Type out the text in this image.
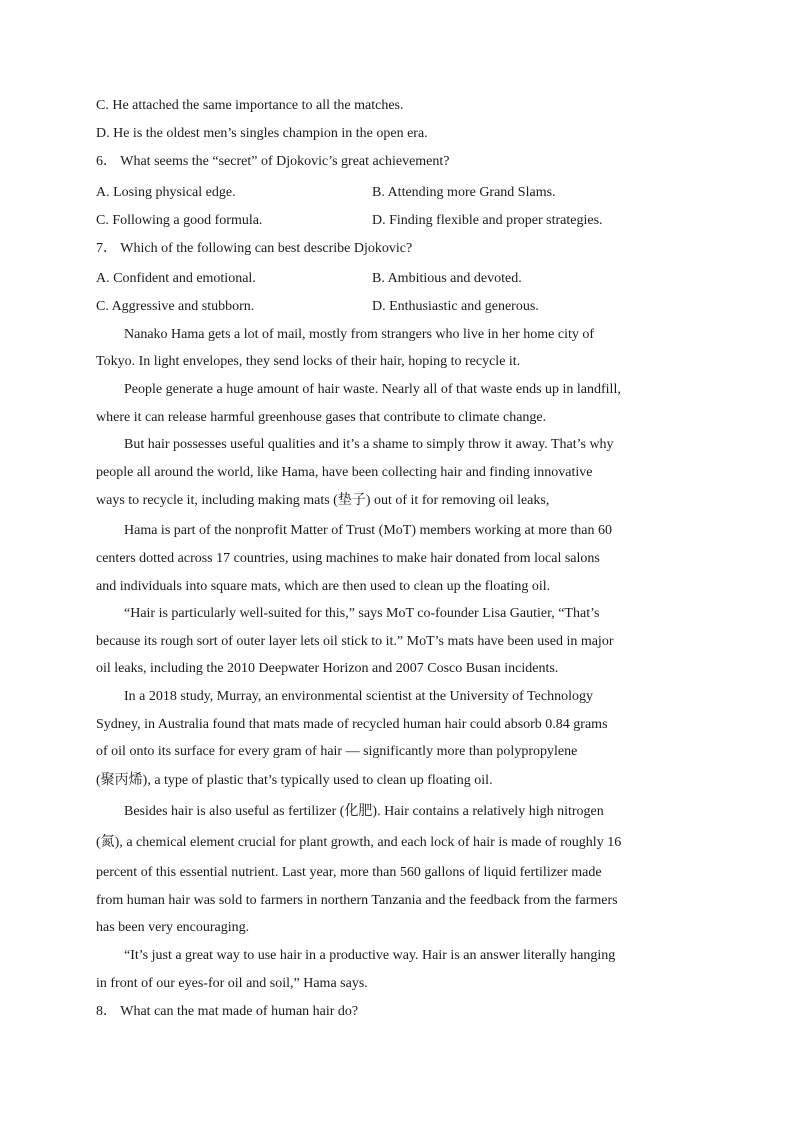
C. He attached the same importance to all the matches.
D. He is the oldest men’s singles champion in the open era.
6． What seems the “secret” of Djokovic’s great achievement?
A. Losing physical edge.	B. Attending more Grand Slams.
C. Following a good formula.	D. Finding flexible and proper strategies.
7． Which of the following can best describe Djokovic?
A. Confident and emotional.	B. Ambitious and devoted.
C. Aggressive and stubborn.	D. Enthusiastic and generous.
Nanako Hama gets a lot of mail, mostly from strangers who live in her home city of
Tokyo. In light envelopes, they send locks of their hair, hoping to recycle it.
People generate a huge amount of hair waste. Nearly all of that waste ends up in landfill,
where it can release harmful greenhouse gases that contribute to climate change.
But hair possesses useful qualities and it’s a shame to simply throw it away. That’s why
people all around the world, like Hama, have been collecting hair and finding innovative
ways to recycle it, including making mats (垫子) out of it for removing oil leaks,
Hama is part of the nonprofit Matter of Trust (MoT) members working at more than 60
centers dotted across 17 countries, using machines to make hair donated from local salons
and individuals into square mats, which are then used to clean up the floating oil.
“Hair is particularly well-suited for this,” says MoT co-founder Lisa Gautier, “That’s
because its rough sort of outer layer lets oil stick to it.” MoT’s mats have been used in major
oil leaks, including the 2010 Deepwater Horizon and 2007 Cosco Busan incidents.
In a 2018 study, Murray, an environmental scientist at the University of Technology
Sydney, in Australia found that mats made of recycled human hair could absorb 0.84 grams
of oil onto its surface for every gram of hair — significantly more than polypropylene
(聚丙烯), a type of plastic that’s typically used to clean up floating oil.
Besides hair is also useful as fertilizer (化肥). Hair contains a relatively high nitrogen
(氮), a chemical element crucial for plant growth, and each lock of hair is made of roughly 16
percent of this essential nutrient. Last year, more than 560 gallons of liquid fertilizer made
from human hair was sold to farmers in northern Tanzania and the feedback from the farmers
has been very encouraging.
“It’s just a great way to use hair in a productive way. Hair is an answer literally hanging
in front of our eyes-for oil and soil,” Hama says.
8． What can the mat made of human hair do?
